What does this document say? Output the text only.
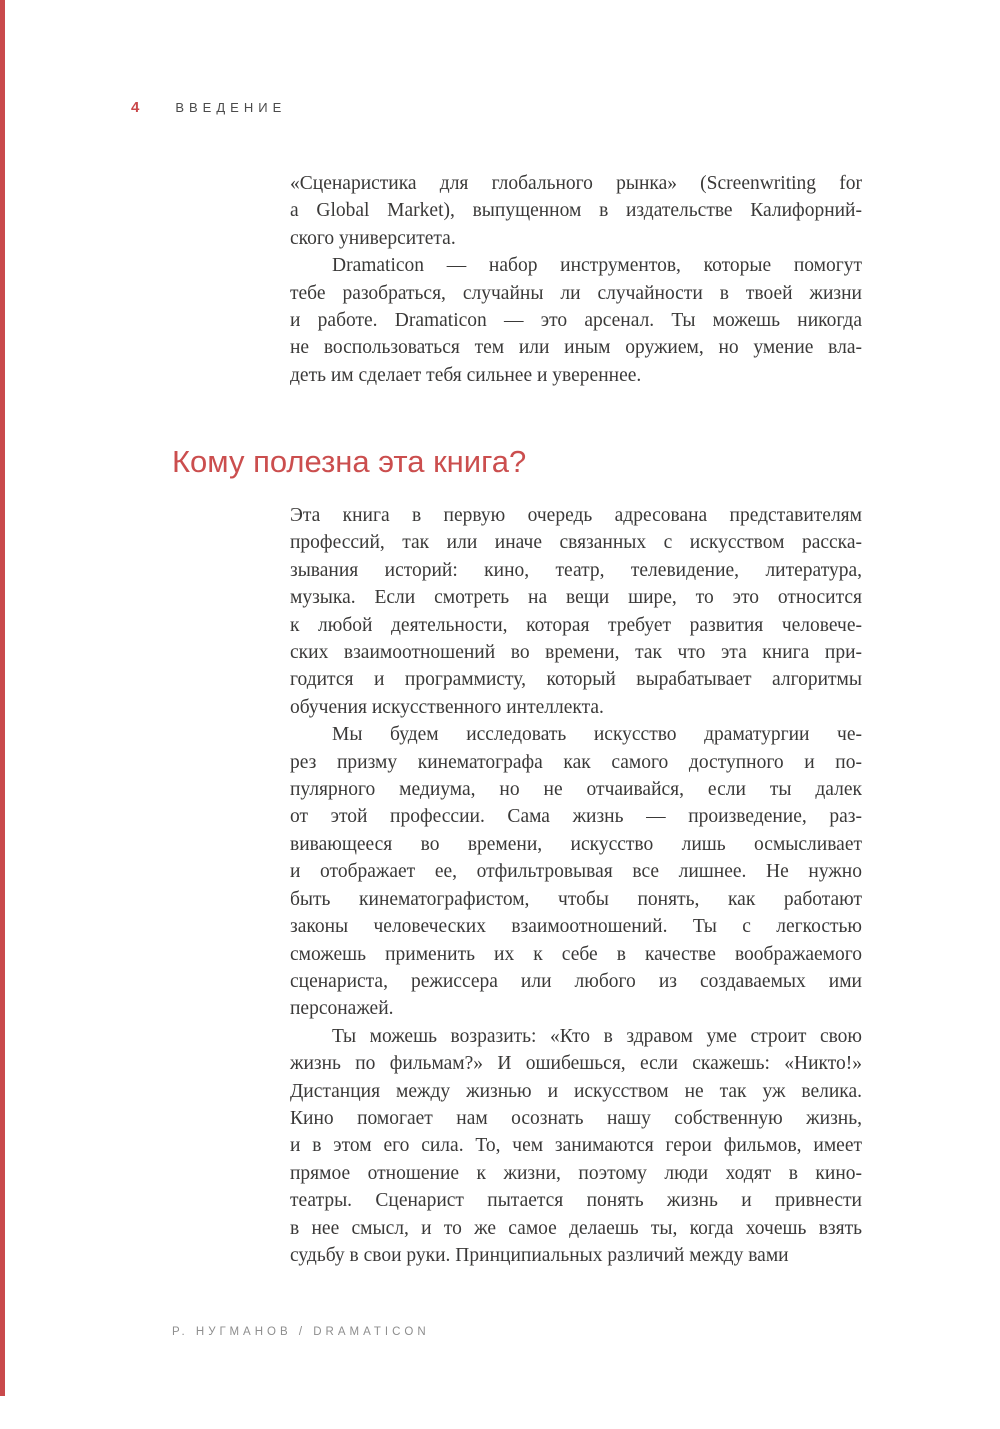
4	ВВЕДЕНИЕ
«Сценаристика для глобального рынка» (Screenwriting for
a Global Market), выпущенном в издательстве Калифорний-
ского университета.
Dramaticon — набор инструментов, которые помогут
тебе разобраться, случайны ли случайности в твоей жизни
и работе. Dramaticon — это арсенал. Ты можешь никогда
не воспользоваться тем или иным оружием, но умение вла-
деть им сделает тебя сильнее и увереннее.
Кому полезна эта книга?
Эта книга в первую очередь адресована представителям
профессий, так или иначе связанных с искусством расска-
зывания историй: кино, театр, телевидение, литература,
музыка. Если смотреть на вещи шире, то это относится
к любой деятельности, которая требует развития человече-
ских взаимоотношений во времени, так что эта книга при-
годится и программисту, который вырабатывает алгоритмы
обучения искусственного интеллекта.
Мы будем исследовать искусство драматургии че-
рез призму кинематографа как самого доступного и по-
пулярного медиума, но не отчаивайся, если ты далек
от этой профессии. Сама жизнь — произведение, раз-
вивающееся во времени, искусство лишь осмысливает
и отображает ее, отфильтровывая все лишнее. Не нужно
быть кинематографистом, чтобы понять, как работают
законы человеческих взаимоотношений. Ты с легкостью
сможешь применить их к себе в качестве воображаемого
сценариста, режиссера или любого из создаваемых ими
персонажей.
Ты можешь возразить: «Кто в здравом уме строит свою
жизнь по фильмам?» И ошибешься, если скажешь: «Никто!»
Дистанция между жизнью и искусством не так уж велика.
Кино помогает нам осознать нашу собственную жизнь,
и в этом его сила. То, чем занимаются герои фильмов, имеет
прямое отношение к жизни, поэтому люди ходят в кино-
театры. Сценарист пытается понять жизнь и привнести
в нее смысл, и то же самое делаешь ты, когда хочешь взять
судьбу в свои руки. Принципиальных различий между вами
Р. НУГМАНОВ / DRAMATICON
